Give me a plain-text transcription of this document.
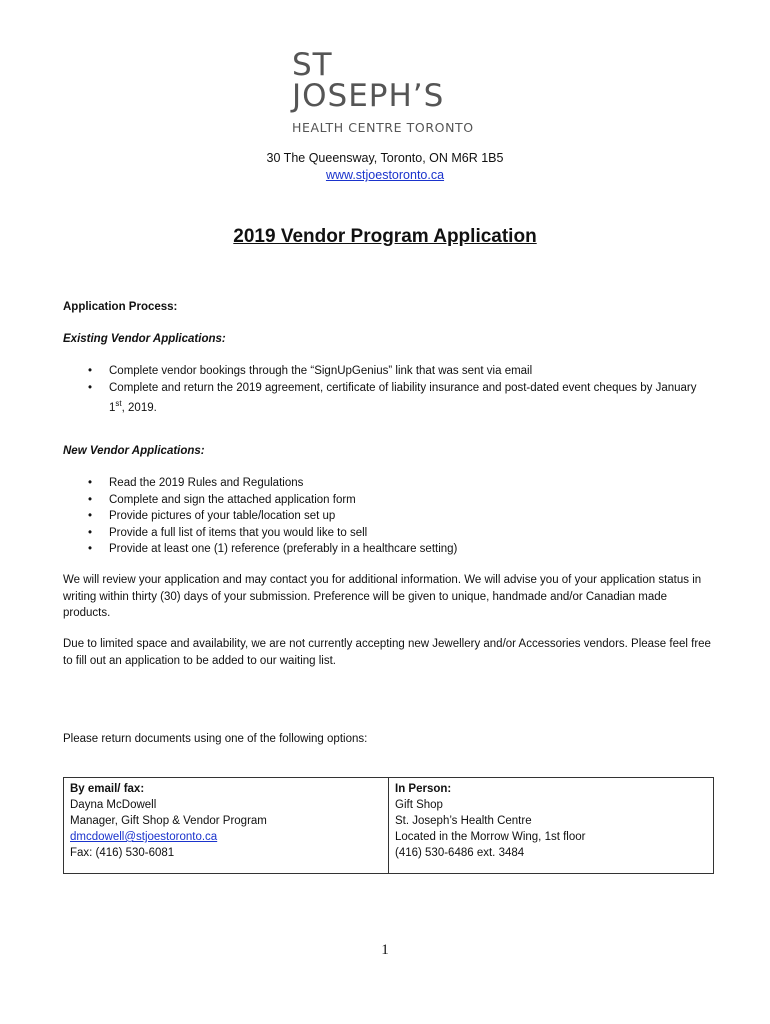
ST
JOSEPH’S
HEALTH CENTRE TORONTO
30 The Queensway, Toronto, ON M6R 1B5
www.stjoestoronto.ca
2019 Vendor Program Application
Application Process:
Existing Vendor Applications:
• Complete vendor bookings through the “SignUpGenius” link that was sent via email
• Complete and return the 2019 agreement, certificate of liability insurance and post-dated event cheques by January
1st, 2019.
New Vendor Applications:
• Read the 2019 Rules and Regulations
• Complete and sign the attached application form
• Provide pictures of your table/location set up
• Provide a full list of items that you would like to sell
• Provide at least one (1) reference (preferably in a healthcare setting)

We will review your application and may contact you for additional information. We will advise you of your application status in writing within thirty (30) days of your submission. Preference will be given to unique, handmade and/or Canadian made products.

Due to limited space and availability, we are not currently accepting new Jewellery and/or Accessories vendors. Please feel free to fill out an application to be added to our waiting list.

Please return documents using one of the following options:
By email/ fax:
Dayna McDowell
Manager, Gift Shop & Vendor Program
dmcdowell@stjoestoronto.ca
Fax: (416) 530-6081

In Person:
Gift Shop
St. Joseph’s Health Centre
Located in the Morrow Wing, 1st floor
(416) 530-6486 ext. 3484
1
